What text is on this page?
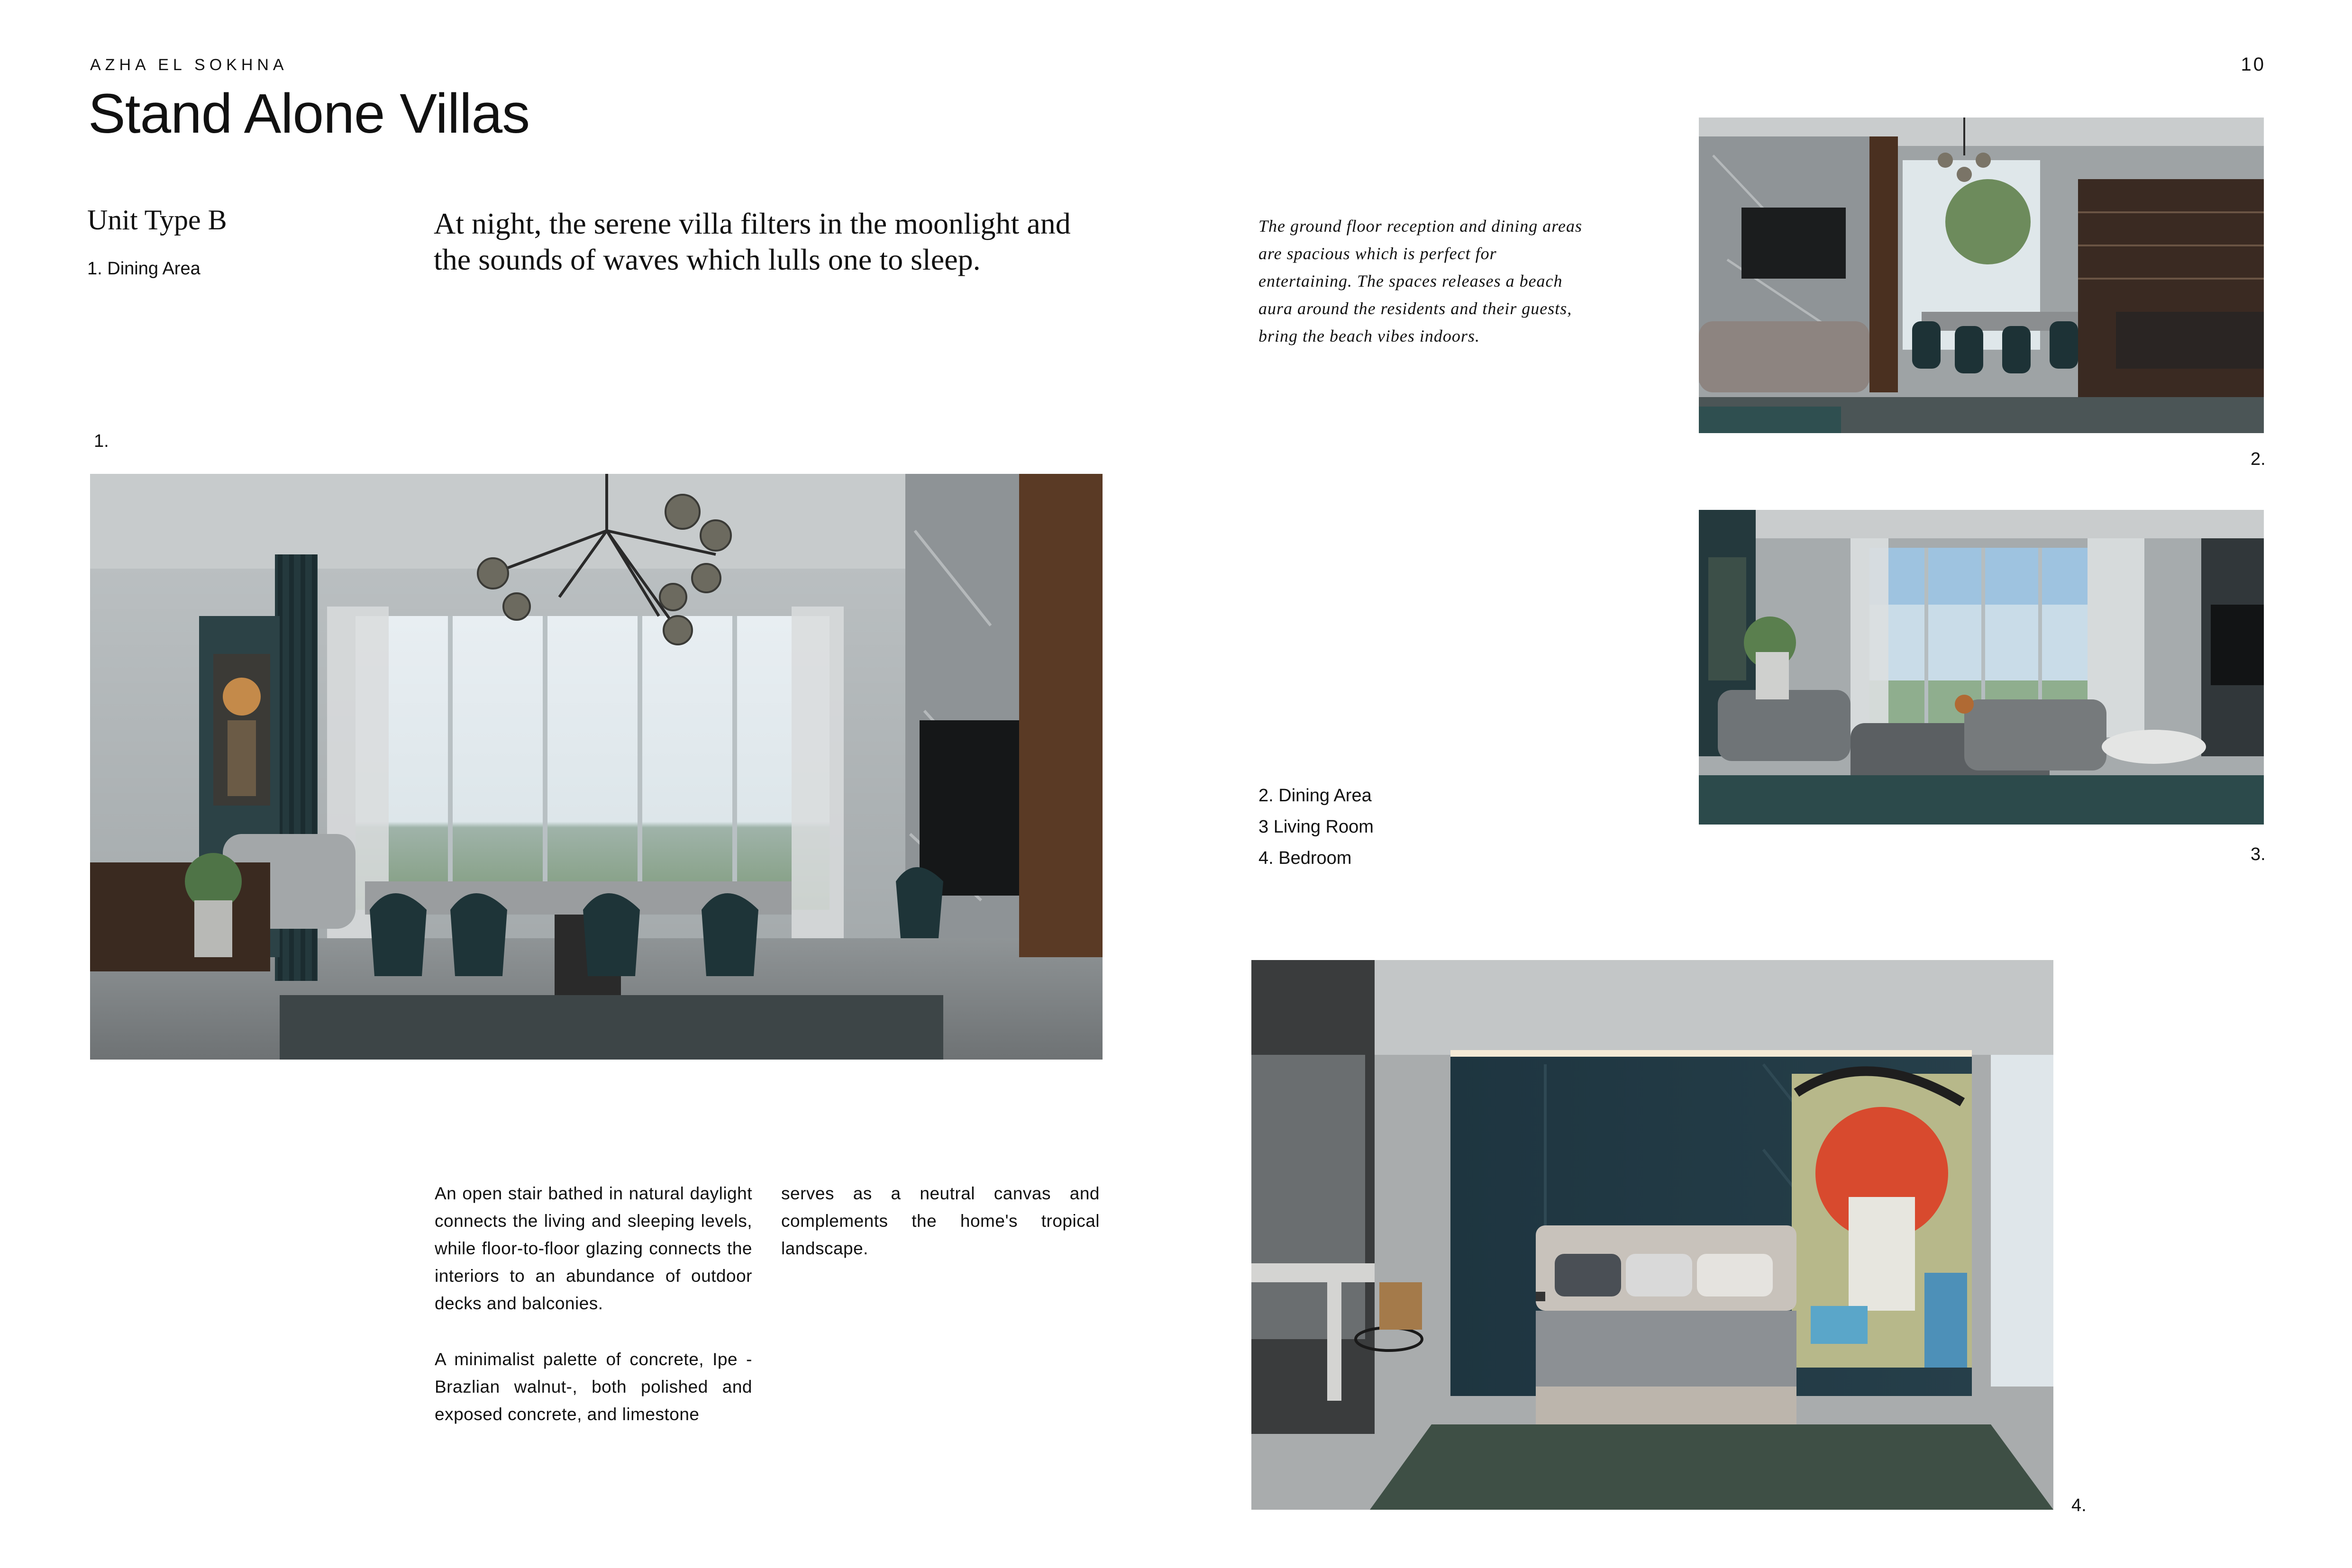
AZHA EL SOKHNA	10
Stand Alone Villas
Unit Type B
1. Dining Area
At night, the serene villa filters in the moonlight and the sounds of waves which lulls one to sleep.
The ground floor reception and dining areas are spacious which is perfect for entertaining. The spaces releases a beach aura around the residents and their guests, bring the beach vibes indoors.
1.
2.
3.
2. Dining Area
3 Living Room
4. Bedroom
4.

An open stair bathed in natural daylight connects the living and sleeping levels, while floor-to-floor glazing connects the interiors to an abundance of outdoor decks and balconies.

A minimalist palette of concrete, Ipe -Brazlian walnut-, both polished and exposed concrete, and limestone

serves as a neutral canvas and complements the home's tropical landscape.
